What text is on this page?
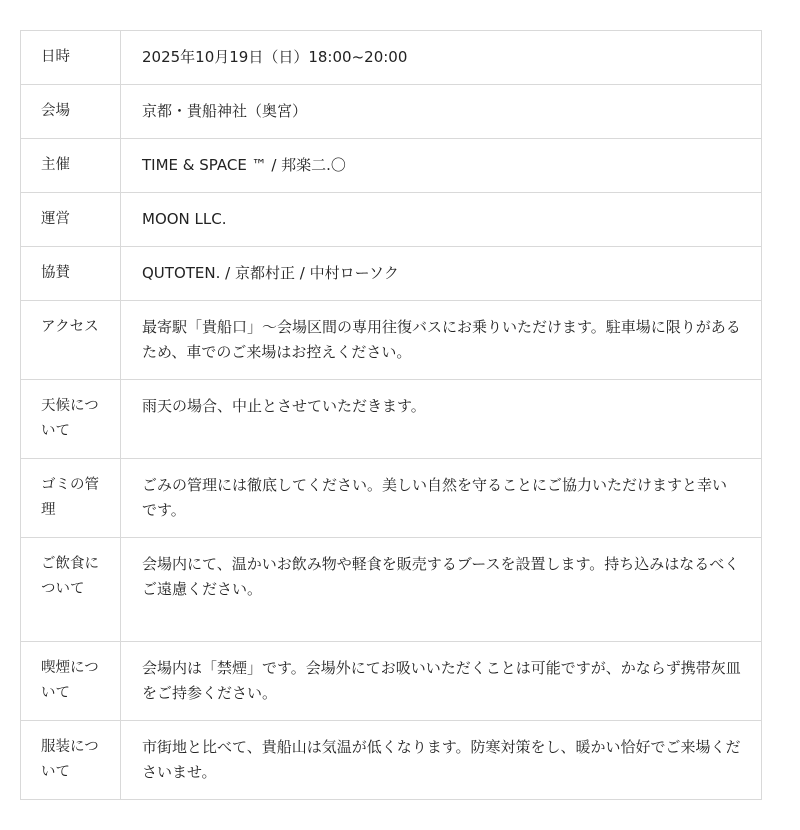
日時	2025年10月19日（日）18:00~20:00
会場	京都・貴船神社（奥宮）
主催	TIME & SPACE ™ / 邦楽二.〇
運営	MOON LLC.
協賛	QUTOTEN. / 京都村正 / 中村ローソク
アクセス	最寄駅「貴船口」〜会場区間の専用往復バスにお乗りいただけます。駐車場に限りがあるため、車でのご来場はお控えください。
天候について	雨天の場合、中止とさせていただきます。
ゴミの管理	ごみの管理には徹底してください。美しい自然を守ることにご協力いただけますと幸いです。
ご飲食について	会場内にて、温かいお飲み物や軽食を販売するブースを設置します。持ち込みはなるべくご遠慮ください。
喫煙について	会場内は「禁煙」です。会場外にてお吸いいただくことは可能ですが、かならず携帯灰皿をご持参ください。
服装について	市街地と比べて、貴船山は気温が低くなります。防寒対策をし、暖かい恰好でご来場くださいませ。
